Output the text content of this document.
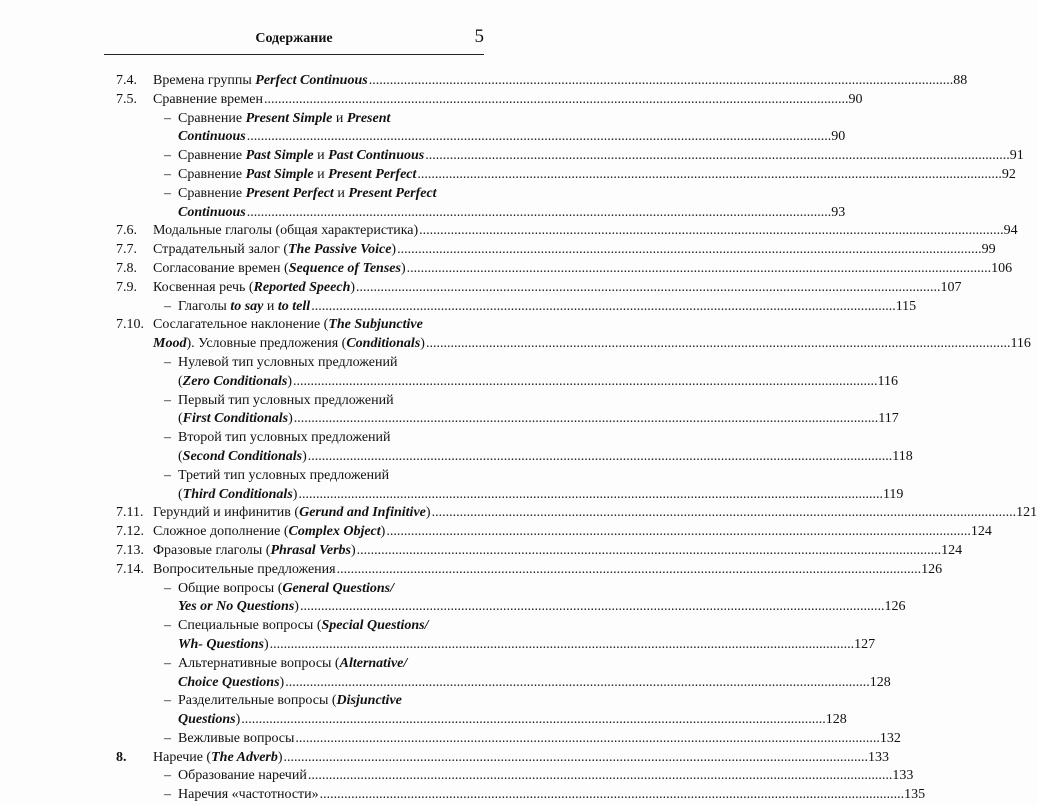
Содержание	5
7.4. Времена группы Perfect Continuous .....	88
7.5. Сравнение времен .....	90
– Сравнение Present Simple и Present
Continuous .....	90
– Сравнение Past Simple и Past Continuous .....	91
– Сравнение Past Simple и Present Perfect .....	92
– Сравнение Present Perfect и Present Perfect
Continuous .....	93
7.6. Модальные глаголы (общая характеристика) .....	94
7.7. Страдательный залог (The Passive Voice) .....	99
7.8. Согласование времен (Sequence of Tenses) .....	106
7.9. Косвенная речь (Reported Speech) .....	107
– Глаголы to say и to tell .....	115
7.10. Сослагательное наклонение (The Subjunctive
Mood). Условные предложения (Conditionals) .....	116
– Нулевой тип условных предложений
(Zero Conditionals) .....	116
– Первый тип условных предложений
(First Conditionals) .....	117
– Второй тип условных предложений
(Second Conditionals) .....	118
– Третий тип условных предложений
(Third Conditionals) .....	119
7.11. Герундий и инфинитив (Gerund and Infinitive) .....	121
7.12. Сложное дополнение (Complex Object) .....	124
7.13. Фразовые глаголы (Phrasal Verbs) .....	124
7.14. Вопросительные предложения .....	126
– Общие вопросы (General Questions/
Yes or No Questions) .....	126
– Специальные вопросы (Special Questions/
Wh- Questions) .....	127
– Альтернативные вопросы (Alternative/
Choice Questions) .....	128
– Разделительные вопросы (Disjunctive
Questions) .....	128
– Вежливые вопросы .....	132
8. Наречие (The Adverb) .....	133
– Образование наречий .....	133
– Наречия «частотности» .....	135
